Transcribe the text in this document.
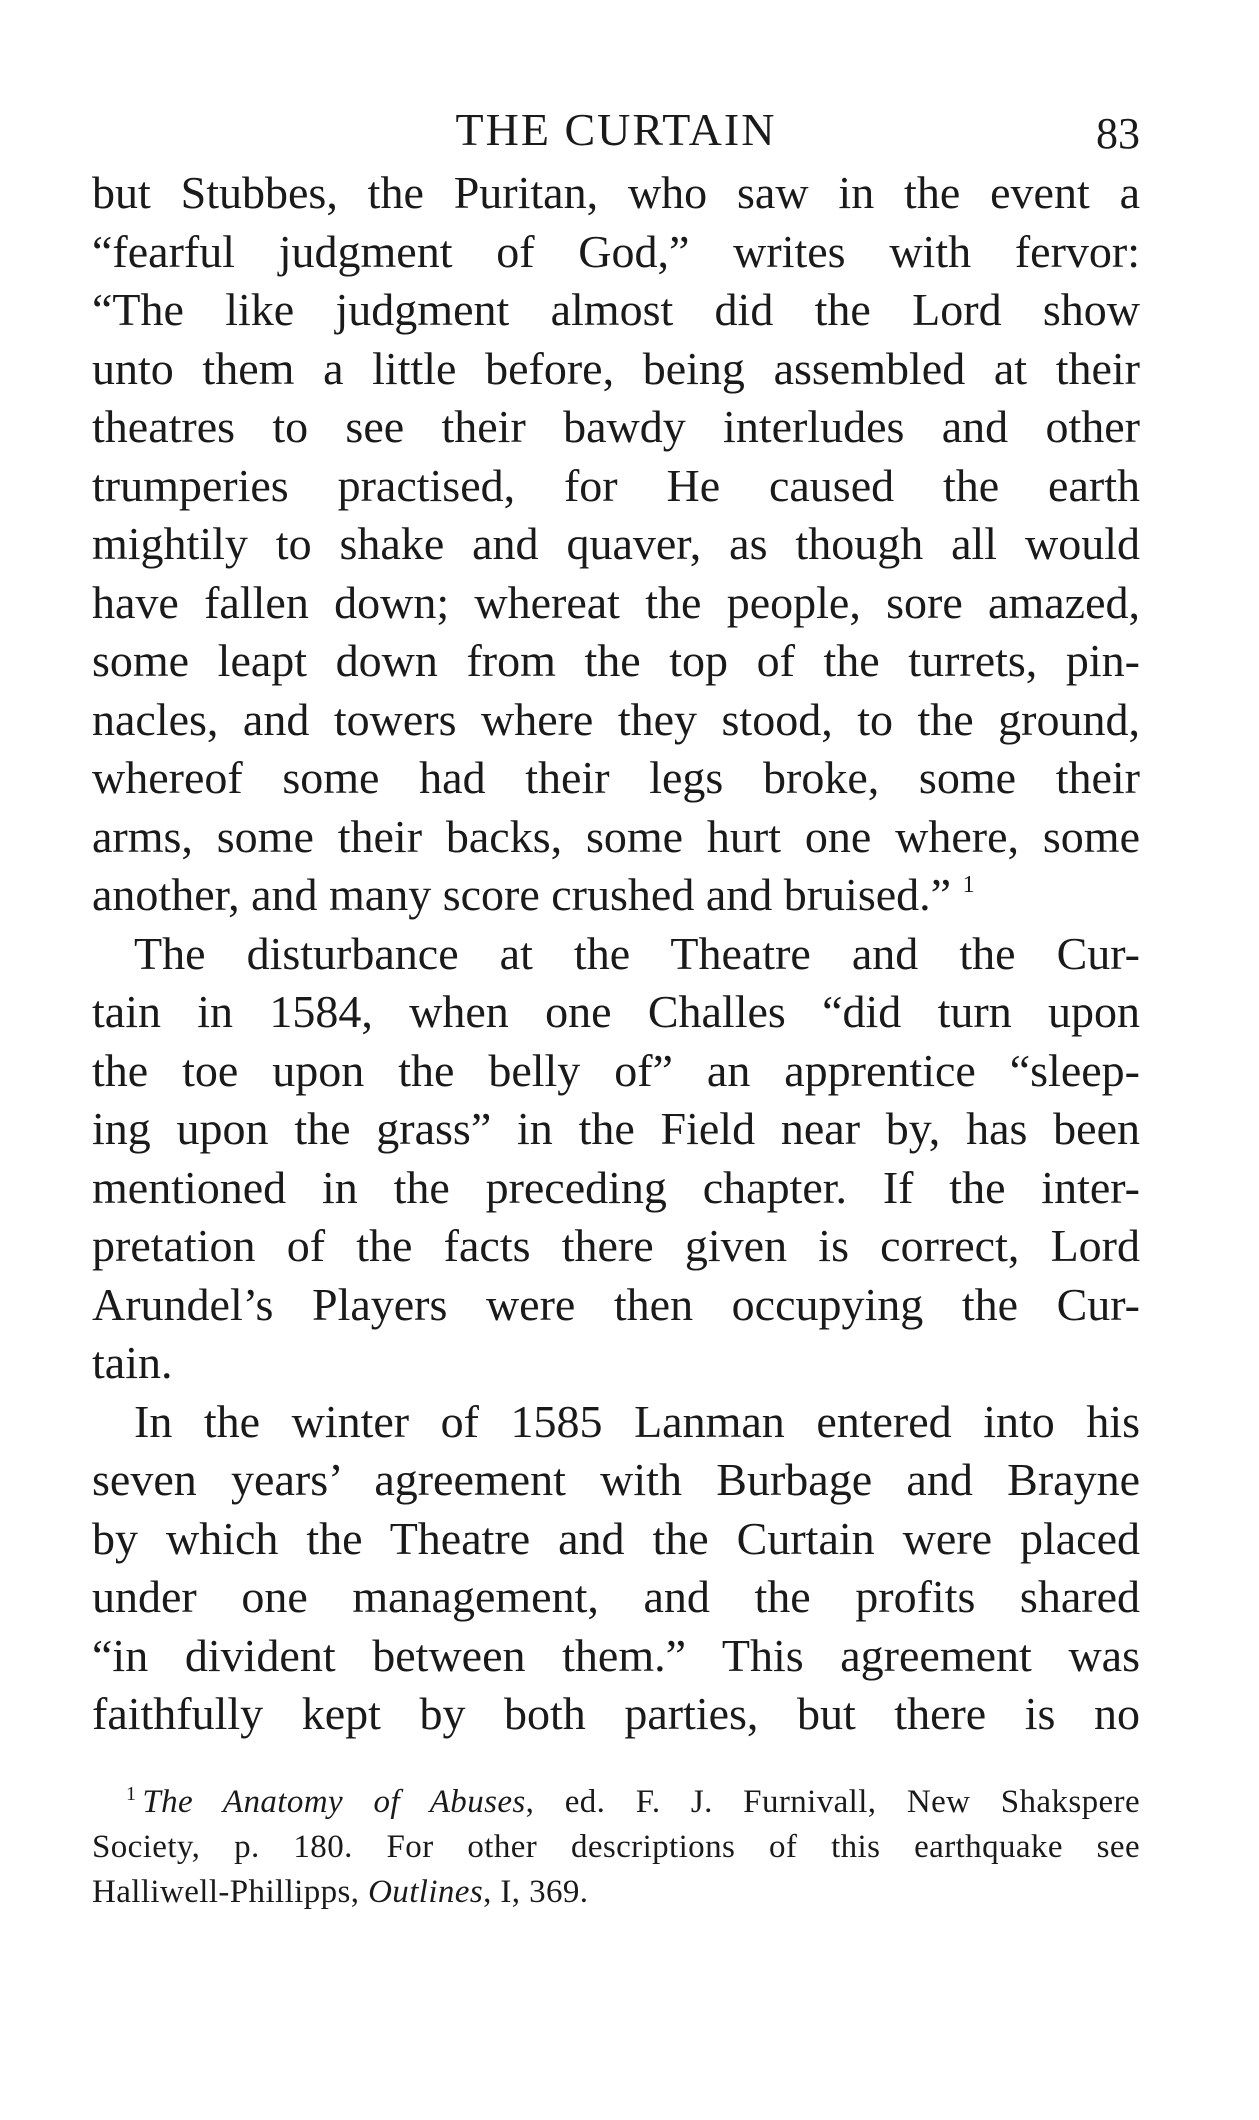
THE CURTAIN	83

but Stubbes, the Puritan, who saw in the event a
“fearful judgment of God,” writes with fervor:
“The like judgment almost did the Lord show
unto them a little before, being assembled at their
theatres to see their bawdy interludes and other
trumperies practised, for He caused the earth
mightily to shake and quaver, as though all would
have fallen down; whereat the people, sore amazed,
some leapt down from the top of the turrets, pin-
nacles, and towers where they stood, to the ground,
whereof some had their legs broke, some their
arms, some their backs, some hurt one where, some
another, and many score crushed and bruised.” $^1$

The disturbance at the Theatre and the Cur-
tain in 1584, when one Challes “did turn upon
the toe upon the belly of” an apprentice “sleep-
ing upon the grass” in the Field near by, has been
mentioned in the preceding chapter. If the inter-
pretation of the facts there given is correct, Lord
Arundel’s Players were then occupying the Cur-
tain.

In the winter of 1585 Lanman entered into his
seven years’ agreement with Burbage and Brayne
by which the Theatre and the Curtain were placed
under one management, and the profits shared
“in divident between them.” This agreement was
faithfully kept by both parties, but there is no

$^1$ The Anatomy of Abuses, ed. F. J. Furnivall, New Shakspere
Society, p. 180. For other descriptions of this earthquake see
Halliwell-Phillipps, Outlines, I, 369.
